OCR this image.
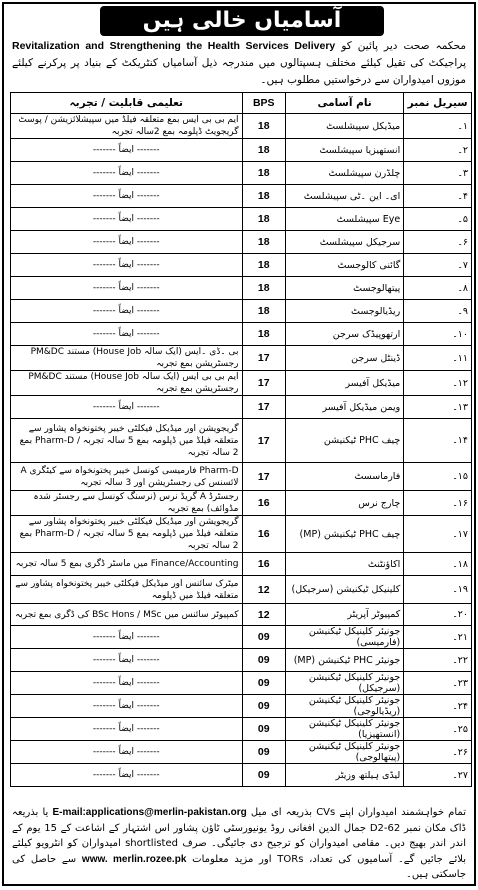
آسامیاں خالی ہیں
محکمہ صحت دیر پائین کو Revitalization and Strengthening the Health Services Delivery پراجیکٹ کی تقیل کیلئے مختلف ہسپتالوں میں مندرجہ ذیل آسامیاں کنٹریکٹ کے بنیاد پر پرکرنے کیلئے موزوں امیدواران سے درخواستیں مطلوب ہیں۔
تعلیمی قابلیت / تجربہ	BPS	نام آسامی	سیریل نمبر
ایم بی بی ایس بمع متعلقہ فیلڈ میں سپیشلائزیشن / پوسٹ گریجویٹ ڈپلومہ بمع 2سالہ تجربہ	18	میڈیکل سپیشلسٹ	۱۔
------- ایضاً -------	18	انستھیزیا سپیشلسٹ	۲۔
------- ایضاً -------	18	چلڈرن سپیشلسٹ	۳۔
------- ایضاً -------	18	ای۔ این ۔ٹی سپیشلسٹ	۴۔
------- ایضاً -------	18	Eye سپیشلسٹ	۵۔
------- ایضاً -------	18	سرجیکل سپیشلسٹ	۶۔
------- ایضاً -------	18	گائنی کالوجسٹ	۷۔
------- ایضاً -------	18	پیتھالوجسٹ	۸۔
------- ایضاً -------	18	ریڈیالوجسٹ	۹۔
------- ایضاً -------	18	ارتھوپیڈک سرجن	۱۰۔
بی ۔ڈی ۔ایس (ایک سالہ House Job) مستند PM&DC رجسٹریشن بمع تجربہ	17	ڈینٹل سرجن	۱۱۔
ایم بی بی ایس (ایک سالہ House Job) مستند PM&DC رجسٹریشن بمع تجربہ	17	میڈیکل آفیسر	۱۲۔
------- ایضاً -------	17	ویمن میڈیکل آفیسر	۱۳۔
گریجویشن اور میڈیکل فیکلٹی خیبر پختونخواہ پشاور سے متعلقہ فیلڈ میں ڈپلومہ بمع 5 سالہ تجربہ / Pharm-D بمع 2 سالہ تجربہ	17	چیف PHC ٹیکنیشن	۱۴۔
Pharm-D فارمیسی کونسل خیبر پختونخواہ سے کیٹگری A لائسنس کی رجسٹریشن اور 3 سالہ تجربہ	17	فارماسسٹ	۱۵۔
رجسٹرڈ A گریڈ نرس (نرسنگ کونسل سے رجسٹر شدہ مڈوائف) بمع تجربہ	16	چارج نرس	۱۶۔
گریجویشن اور میڈیکل فیکلٹی خیبر پختونخواہ پشاور سے متعلقہ فیلڈ میں ڈپلومہ بمع 5 سالہ تجربہ / Pharm-D بمع 2 سالہ تجربہ	16	چیف PHC ٹیکنیشن (MP)	۱۷۔
Finance/Accounting میں ماسٹر ڈگری بمع 5 سالہ تجربہ	16	اکاؤنٹنٹ	۱۸۔
میٹرک سائنس اور میڈیکل فیکلٹی خیبر پختونخواہ پشاور سے متعلقہ فیلڈ میں ڈپلومہ	12	کلینیکل ٹیکنیشن (سرجیکل)	۱۹۔
کمپیوٹر سائنس میں BSc Hons / MSc کی ڈگری بمع تجربہ	12	کمپیوٹر آپریٹر	۲۰۔
------- ایضاً -------	09	جونیئر کلینیکل ٹیکنیشن (فارمیسی)	۲۱۔
------- ایضاً -------	09	جونیئر PHC ٹیکنیشن (MP)	۲۲۔
------- ایضاً -------	09	جونیئر کلینیکل ٹیکنیشن (سرجیکل)	۲۳۔
------- ایضاً -------	09	جونیئر کلینیکل ٹیکنیشن (ریڈیالوجی)	۲۴۔
------- ایضاً -------	09	جونیئر کلینیکل ٹیکنیشن (انستھیزیا)	۲۵۔
------- ایضاً -------	09	جونیئر کلینیکل ٹیکنیشن (پیتھالوجی)	۲۶۔
------- ایضاً -------	09	لیڈی ہیلتھ وزیٹر	۲۷۔
تمام خواہشمند امیدواران اپنے CVs بذریعہ ای میل E-mail:applications@merlin-pakistan.org یا بذریعہ ڈاک مکان نمبر 62-D2 جمال الدین افغانی روڈ یونیورسٹی ٹاؤن پشاور اس اشتہار کے اشاعت کے 15 یوم کے اندر اندر بھیج دیں۔ مقامی امیدواران کو ترجیح دی جائیگی۔ صرف shortlisted امیدواران کو انٹرویو کیلئے بلائے جائیں گے۔ آسامیوں کی تعداد، TORs اور مزید معلومات www. merlin.rozee.pk سے حاصل کی جاسکتی ہیں۔
